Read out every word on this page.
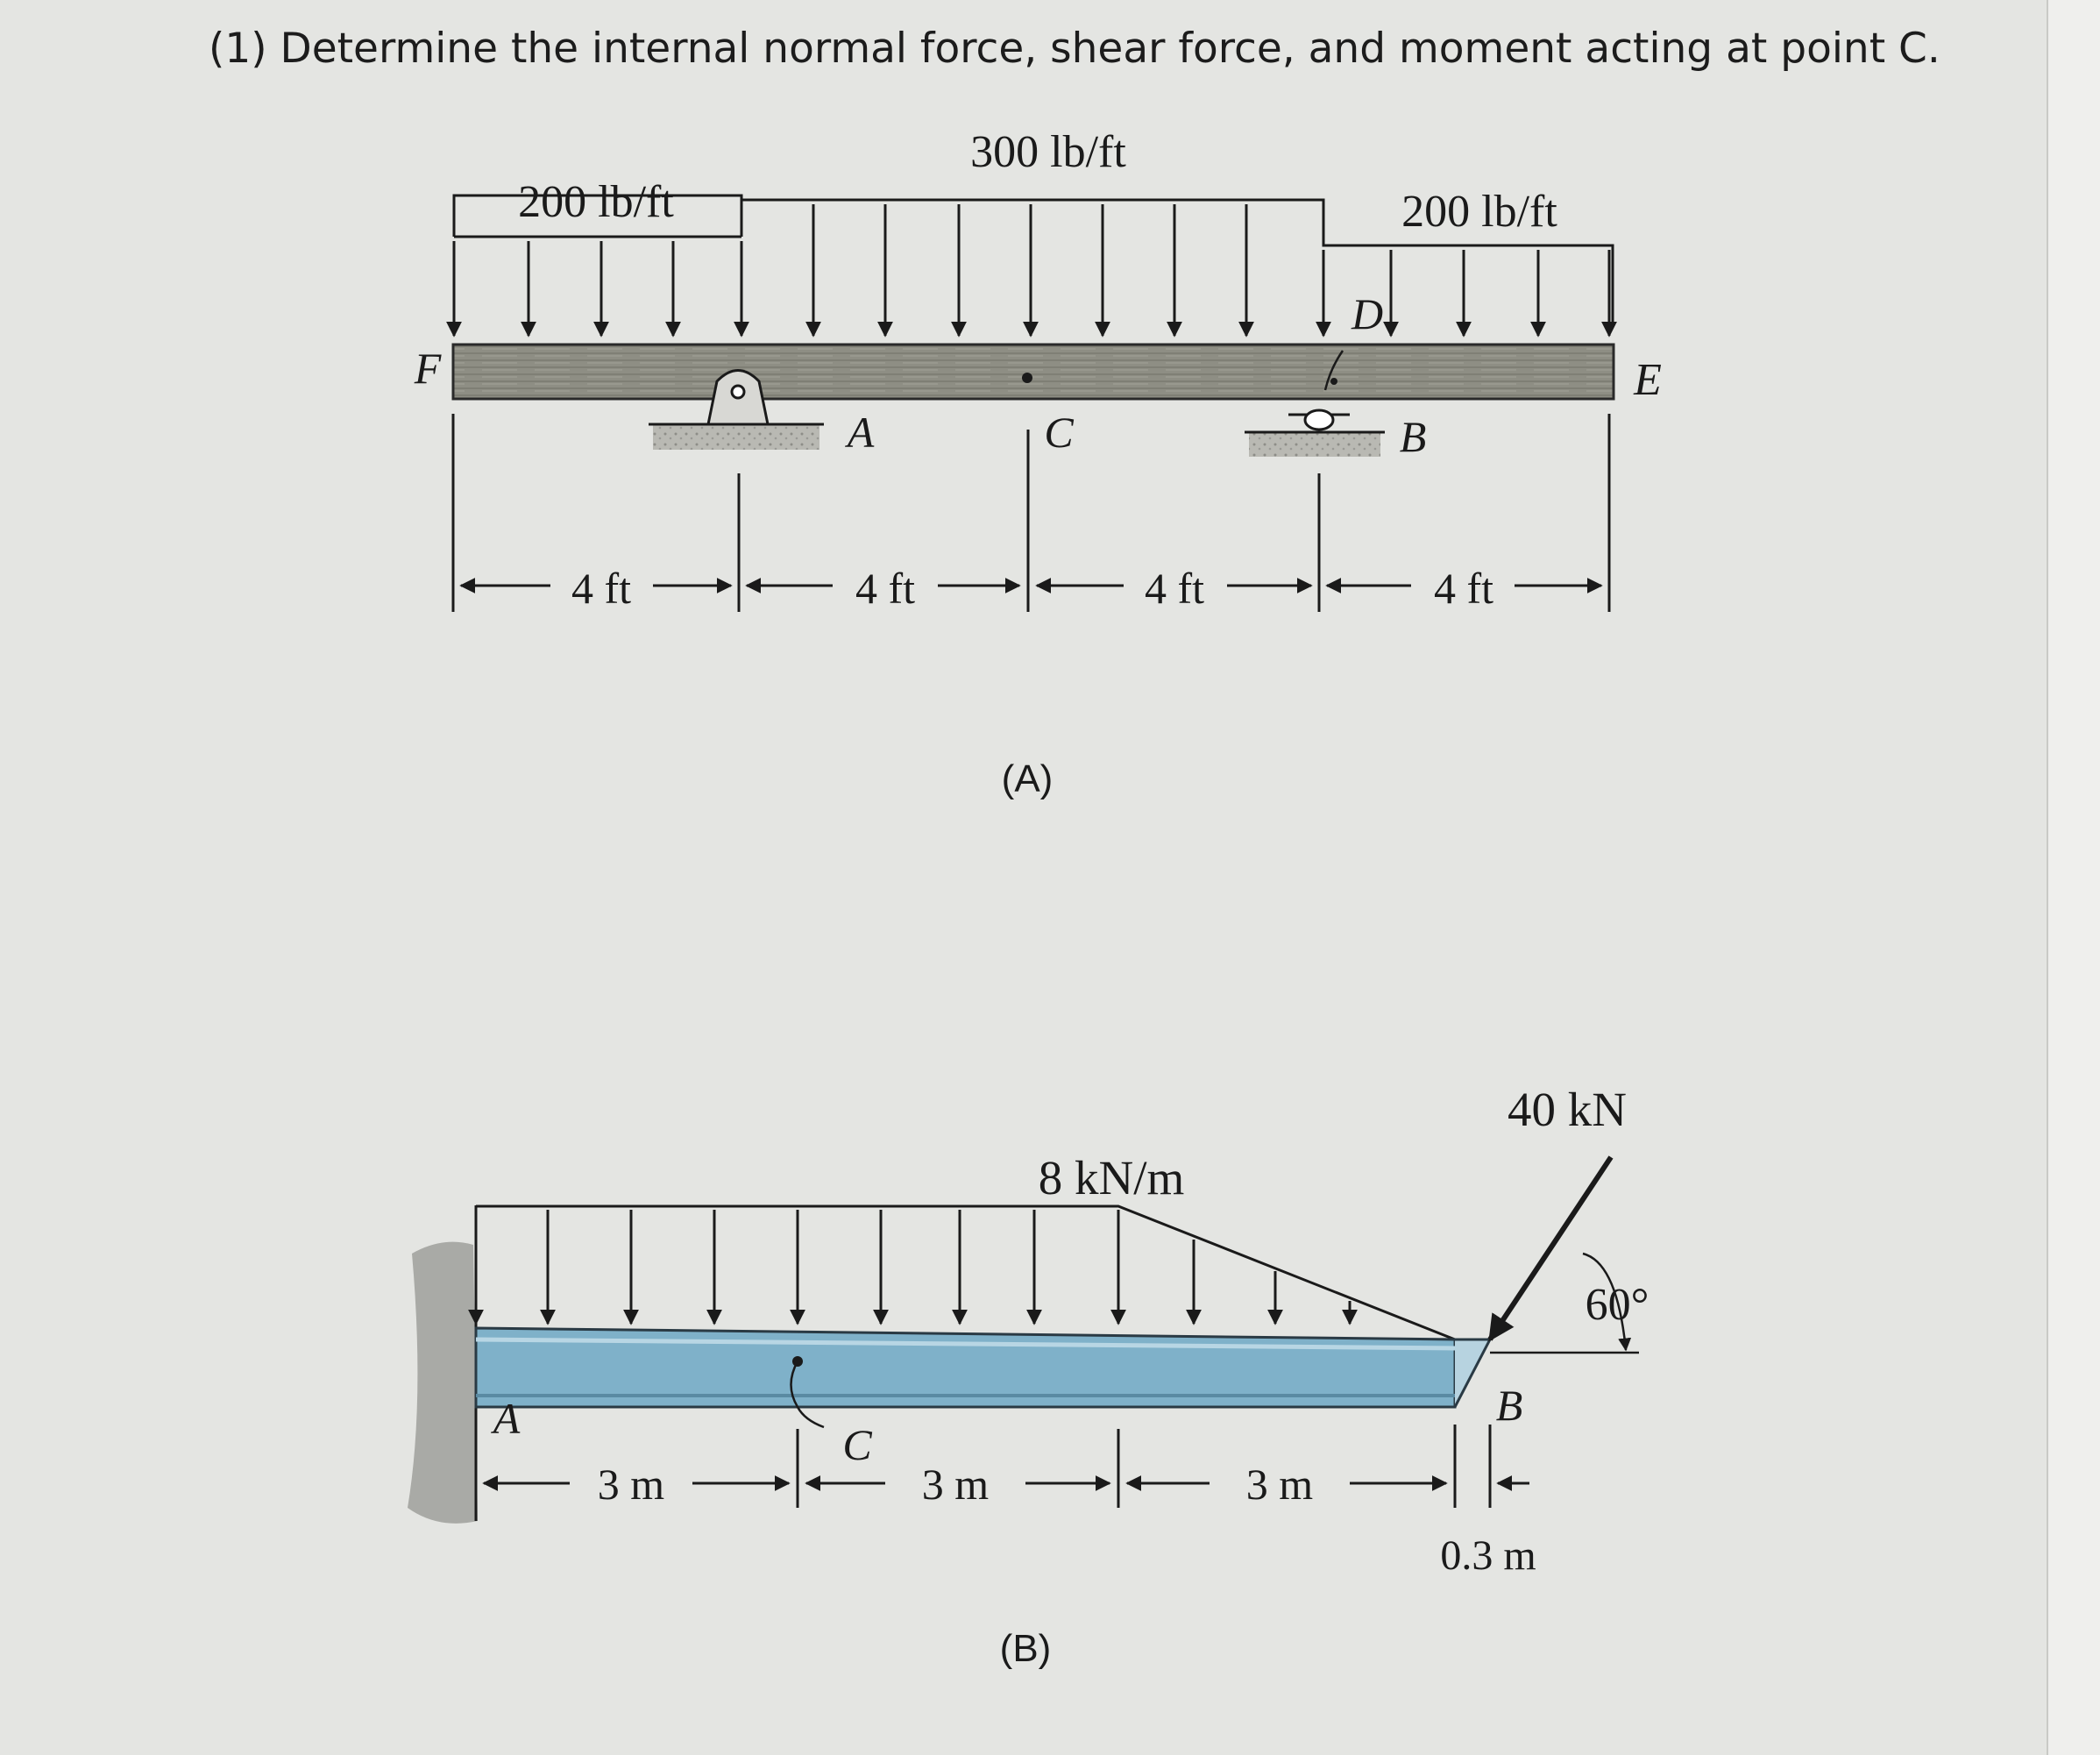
(1) Determine the internal normal force, shear force, and moment acting at point C.
200 lb/ft
300 lb/ft
200 lb/ft
F
A	C
D
B
E
4 ft	4 ft	4 ft	4 ft
(A)
8 kN/m
40 kN
60°
A
C
B
3 m	3 m	3 m
0.3 m
(B)
